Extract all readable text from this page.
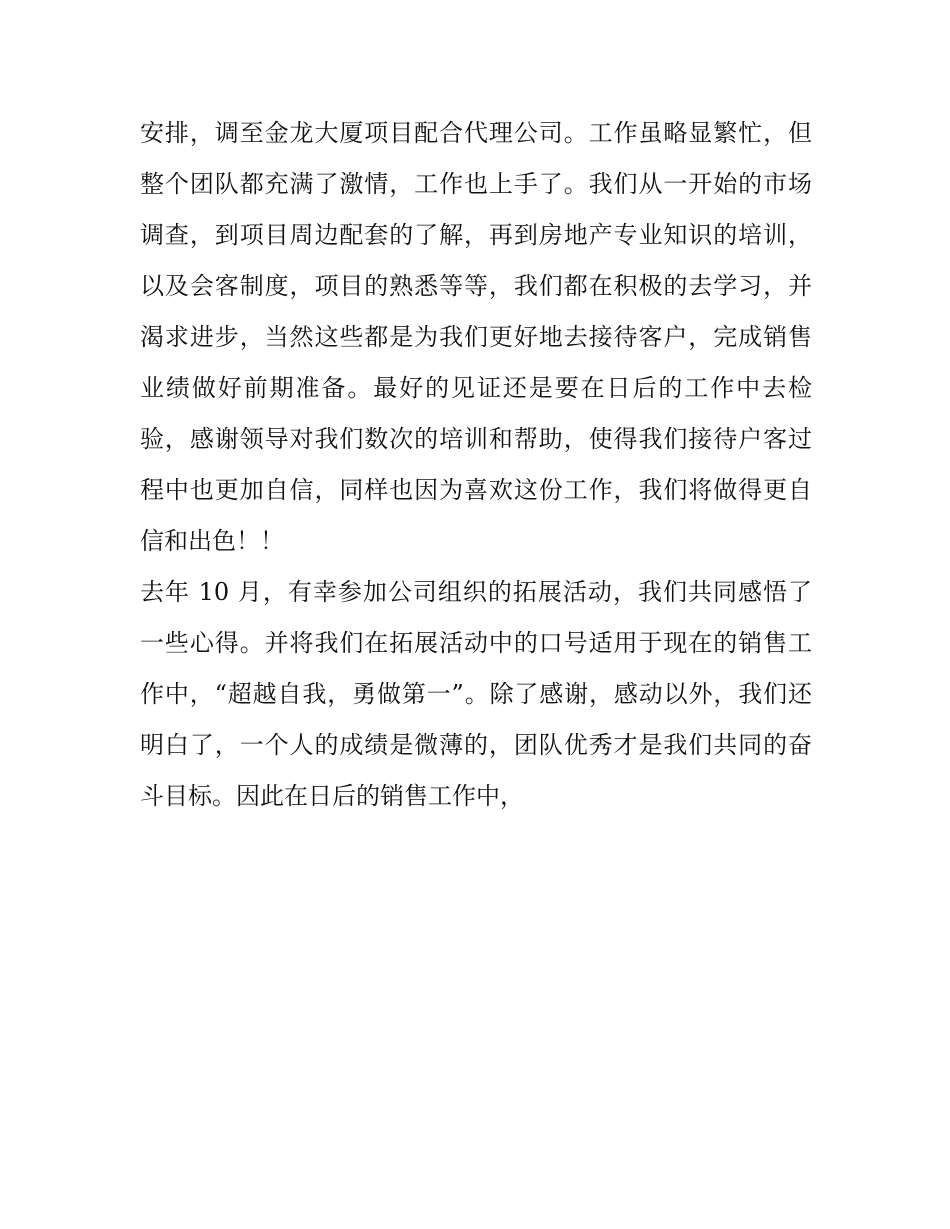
安排，调至金龙大厦项目配合代理公司。工作虽略显繁忙，但
整个团队都充满了激情，工作也上手了。我们从一开始的市场
调查，到项目周边配套的了解，再到房地产专业知识的培训，
以及会客制度，项目的熟悉等等，我们都在积极的去学习，并
渴求进步，当然这些都是为我们更好地去接待客户，完成销售
业绩做好前期准备。最好的见证还是要在日后的工作中去检
验，感谢领导对我们数次的培训和帮助，使得我们接待户客过
程中也更加自信，同样也因为喜欢这份工作，我们将做得更自
信和出色！！
去年 10 月，有幸参加公司组织的拓展活动，我们共同感悟了
一些心得。并将我们在拓展活动中的口号适用于现在的销售工
作中，“超越自我，勇做第一”。除了感谢，感动以外，我们还
明白了，一个人的成绩是微薄的，团队优秀才是我们共同的奋
斗目标。因此在日后的销售工作中，
